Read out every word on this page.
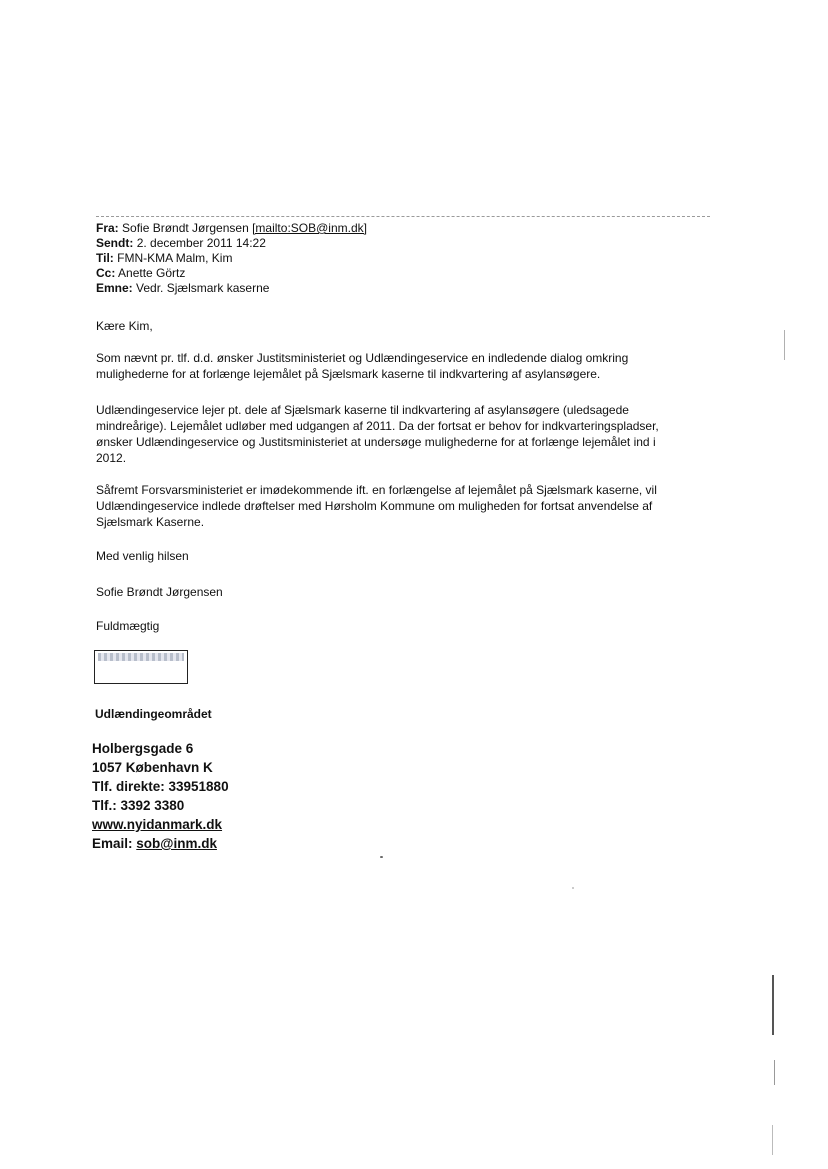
Fra: Sofie Brøndt Jørgensen [mailto:SOB@inm.dk]
Sendt: 2. december 2011 14:22
Til: FMN-KMA Malm, Kim
Cc: Anette Görtz
Emne: Vedr. Sjælsmark kaserne

Kære Kim,

Som nævnt pr. tlf. d.d. ønsker Justitsministeriet og Udlændingeservice en indledende dialog omkring
mulighederne for at forlænge lejemålet på Sjælsmark kaserne til indkvartering af asylansøgere.

Udlændingeservice lejer pt. dele af Sjælsmark kaserne til indkvartering af asylansøgere (uledsagede
mindreårige). Lejemålet udløber med udgangen af 2011. Da der fortsat er behov for indkvarteringspladser,
ønsker Udlændingeservice og Justitsministeriet at undersøge mulighederne for at forlænge lejemålet ind i
2012.

Såfremt Forsvarsministeriet er imødekommende ift. en forlængelse af lejemålet på Sjælsmark kaserne, vil
Udlændingeservice indlede drøftelser med Hørsholm Kommune om muligheden for fortsat anvendelse af
Sjælsmark Kaserne.

Med venlig hilsen

Sofie Brøndt Jørgensen

Fuldmægtig

Udlændingeområdet
Holbergsgade 6
1057 København K
Tlf. direkte: 33951880
Tlf.: 3392 3380
www.nyidanmark.dk
Email: sob@inm.dk
